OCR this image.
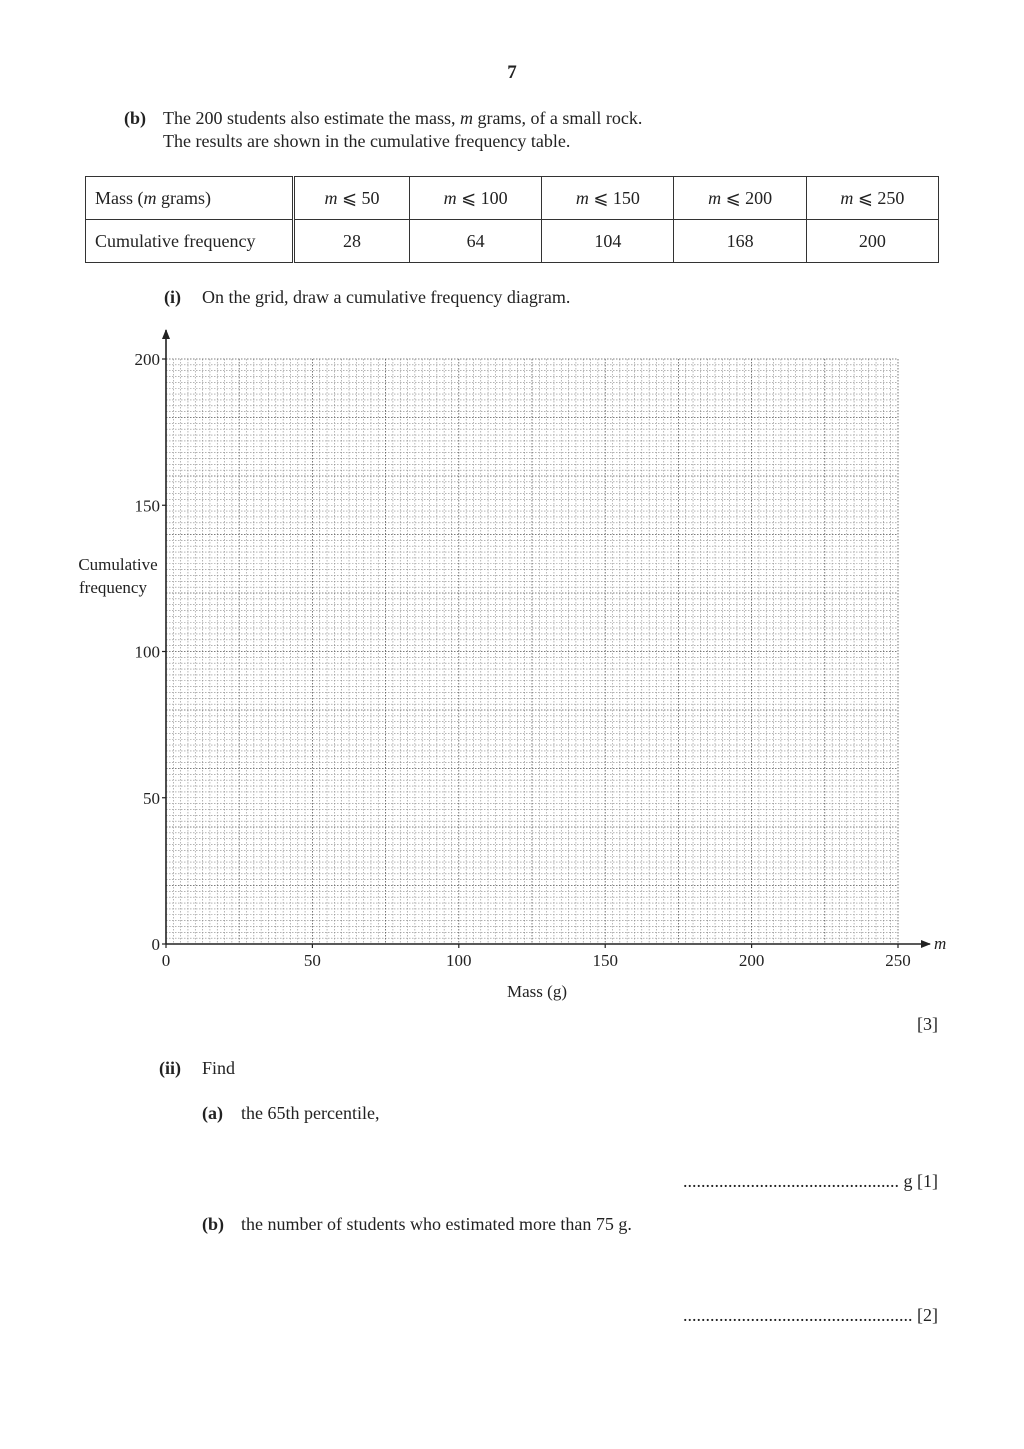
7
(b) The 200 students also estimate the mass, m grams, of a small rock.
The results are shown in the cumulative frequency table.
Mass (m grams)	m ⩽ 50	m ⩽ 100	m ⩽ 150	m ⩽ 200	m ⩽ 250
Cumulative frequency	28	64	104	168	200
(i) On the grid, draw a cumulative frequency diagram.
0
50
100
150
200
0	50	100	150	200	250
Cumulative
frequency
Mass (g)
m
[3]
(ii) Find
(a) the 65th percentile,
................................................ g [1]
(b) the number of students who estimated more than 75 g.
................................................... [2]
